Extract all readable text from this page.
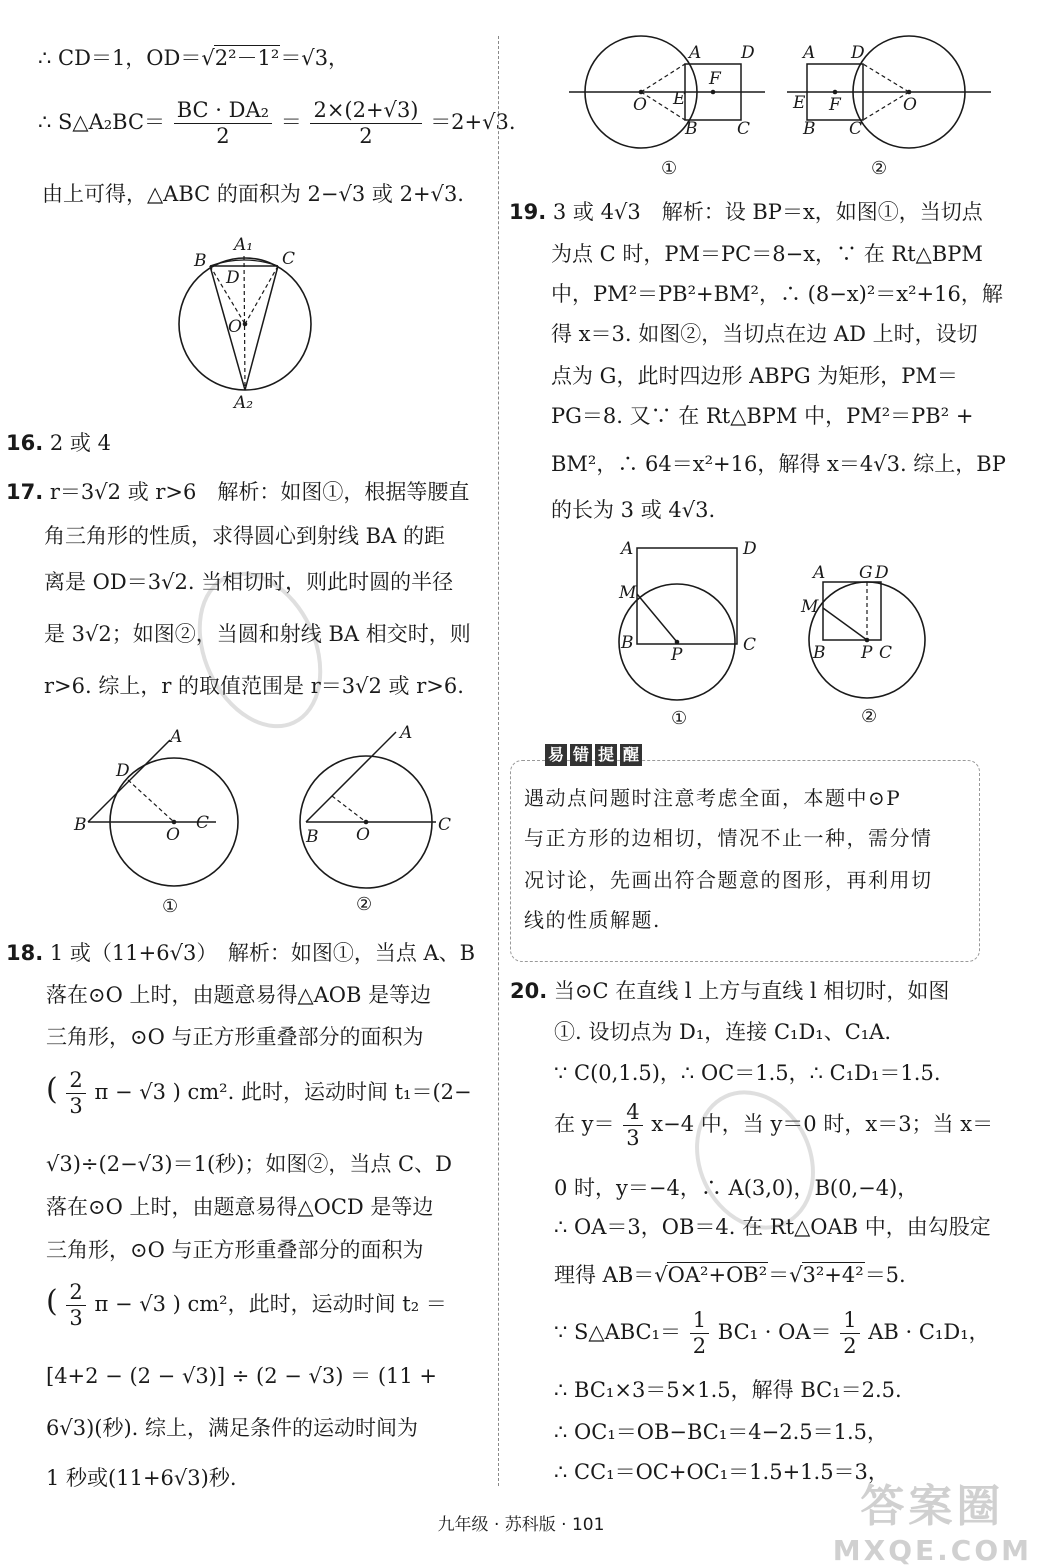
∴ CD＝1，OD＝√2²－1²＝√3，
∴ S△A₂BC＝ $\frac{\text{BC · DA₂}}{2} = \frac{2\times(2+√3)}{2} =2+√3$.
由上可得，△ABC 的面积为 2−√3 或 2+√3.
B
A₁
C
D
O
A₂
16. 2 或 4
17. r＝3√2 或 r>6　解析：如图①，根据等腰直
角三角形的性质，求得圆心到射线 BA 的距
离是 OD＝3√2. 当相切时，则此时圆的半径
是 3√2；如图②，当圆和射线 BA 相交时，则
r>6. 综上，r 的取值范围是 r＝3√2 或 r>6.
A
D
B	O
C
①
A
B O	C
②
18. 1 或（11+6√3）　解析：如图①，当点 A、B
落在⊙O 上时，由题意易得△AOB 是等边
三角形，⊙O 与正方形重叠部分的面积为
( $\frac{2}{3}$ π − √3 ) cm². 此时，运动时间 t₁＝(2−
√3)÷(2−√3)＝1(秒)；如图②，当点 C、D
落在⊙O 上时，由题意易得△OCD 是等边
三角形，⊙O 与正方形重叠部分的面积为
( $\frac{2}{3}$ π − √3 ) cm²，此时，运动时间 t₂ ＝
[4+2 − (2 − √3)] ÷ (2 − √3) ＝ (11 +
6√3)(秒). 综上，满足条件的运动时间为
1 秒或(11+6√3)秒.
A D
F
O E
B C
①
A D
E F	O
B C
②
19. 3 或 4√3　解析：设 BP＝x，如图①，当切点
为点 C 时，PM＝PC＝8−x，∵ 在 Rt△BPM
中，PM²＝PB²+BM²，∴ (8−x)²＝x²+16，解
得 x＝3. 如图②，当切点在边 AD 上时，设切
点为 G，此时四边形 ABPG 为矩形，PM＝
PG＝8. 又∵ 在 Rt△BPM 中，PM²＝PB² +
BM²，∴ 64＝x²+16，解得 x＝4√3. 综上，BP
的长为 3 或 4√3.
A	D
M
B
P	C
①
A G D
M
B P C
②
易 错 提 醒
遇动点问题时注意考虑全面，本题中⊙P
与正方形的边相切，情况不止一种，需分情
况讨论，先画出符合题意的图形，再利用切
线的性质解题.
20. 当⊙C 在直线 l 上方与直线 l 相切时，如图
①. 设切点为 D₁，连接 C₁D₁、C₁A.
∵ C(0,1.5)，∴ OC＝1.5，∴ C₁D₁＝1.5.
在 $y= \frac{4}{3} x-4$ 中，当 y＝0 时，x＝3；当 x＝
0 时，y＝−4，∴ A(3,0)，B(0,−4)，
∴ OA＝3，OB＝4. 在 Rt△OAB 中，由勾股定
理得 AB＝√OA²+OB²＝√3²+4²＝5.
∵ S△ABC₁＝ $\frac{1}{2} BC_1 \cdot OA= \frac{1}{2}$ AB · C₁D₁，
∴ BC₁×3＝5×1.5，解得 BC₁＝2.5.
∴ OC₁＝OB−BC₁＝4−2.5＝1.5，
∴ CC₁＝OC+OC₁＝1.5+1.5＝3，
答案圈
MXQE.COM
九年级 · 苏科版 · 101
